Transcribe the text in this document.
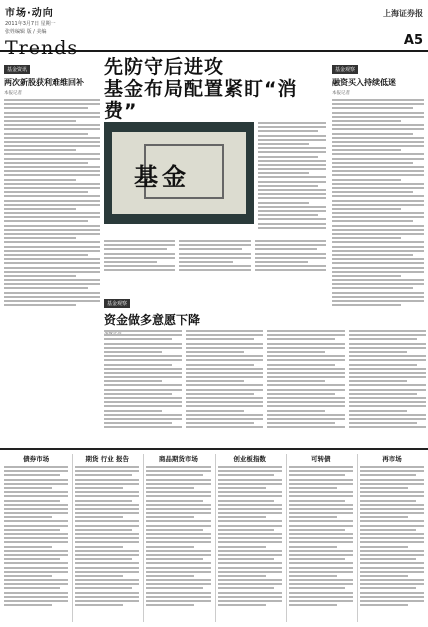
市场·动向
2011年3月7日 星期一
张姓编辑 版 / 美编
Trends
上海证券报
A5
基金资讯
两次新股获利难维回补
本报记者
先防守后进攻
基金布局配置紧盯“消费”
基金
基金观察
融资买入持续低迷
本报记者
基金观察
资金做多意愿下降
债券市场	期货 行业 报告	商品期货市场	创业板指数	可转债	再市场
